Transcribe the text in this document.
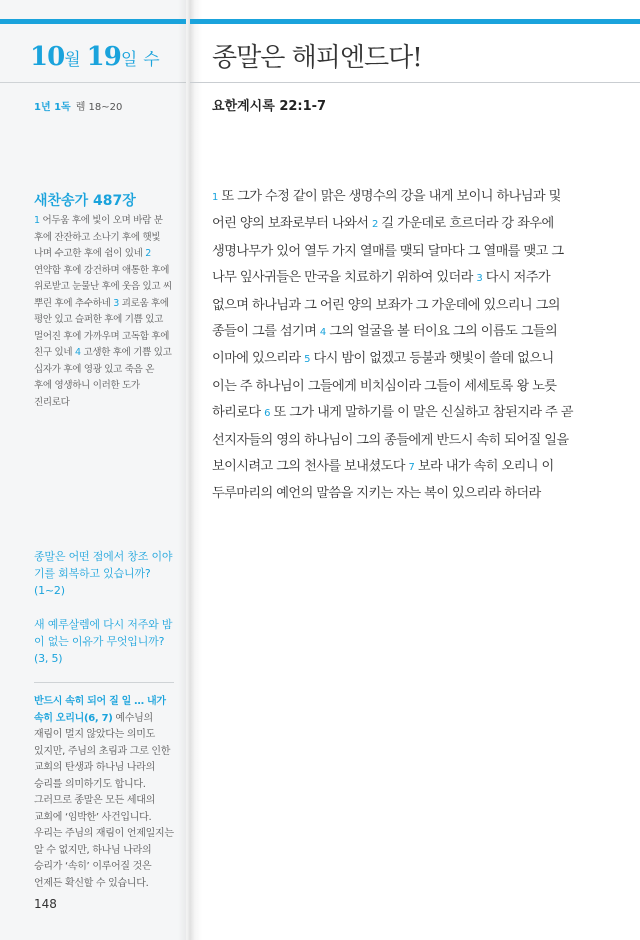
10월 19일 수
1년 1독 렘 18~20
새찬송가 487장
1 어두움 후에 빛이 오며 바람 분 후에 잔잔하고 소나기 후에 햇빛 나며 수고한 후에 쉼이 있네 2 연약함 후에 강건하며 애통한 후에 위로받고 눈물난 후에 웃음 있고 씨 뿌린 후에 추수하네 3 괴로움 후에 평안 있고 슬퍼한 후에 기쁨 있고 멀어진 후에 가까우며 고독함 후에 친구 있네 4 고생한 후에 기쁨 있고 십자가 후에 영광 있고 죽음 온 후에 영생하니 이러한 도가 진리로다
종말은 어떤 점에서 창조 이야기를 회복하고 있습니까? (1~2)
새 예루살렘에 다시 저주와 밤이 없는 이유가 무엇입니까? (3, 5)
반드시 속히 되어 질 일 … 내가 속히 오리니(6, 7) 예수님의 재림이 멀지 않았다는 의미도 있지만, 주님의 초림과 그로 인한 교회의 탄생과 하나님 나라의 승리를 의미하기도 합니다. 그러므로 종말은 모든 세대의 교회에 ‘임박한’ 사건입니다. 우리는 주님의 재림이 언제일지는 알 수 없지만, 하나님 나라의 승리가 ‘속히’ 이루어질 것은 언제든 확신할 수 있습니다.
148
종말은 해피엔드다!
요한계시록 22:1-7
1 또 그가 수정 같이 맑은 생명수의 강을 내게 보이니 하나님과 및 어린 양의 보좌로부터 나와서 2 길 가운데로 흐르더라 강 좌우에 생명나무가 있어 열두 가지 열매를 맺되 달마다 그 열매를 맺고 그 나무 잎사귀들은 만국을 치료하기 위하여 있더라 3 다시 저주가 없으며 하나님과 그 어린 양의 보좌가 그 가운데에 있으리니 그의 종들이 그를 섬기며 4 그의 얼굴을 볼 터이요 그의 이름도 그들의 이마에 있으리라 5 다시 밤이 없겠고 등불과 햇빛이 쓸데 없으니 이는 주 하나님이 그들에게 비치심이라 그들이 세세토록 왕 노릇 하리로다 6 또 그가 내게 말하기를 이 말은 신실하고 참된지라 주 곧 선지자들의 영의 하나님이 그의 종들에게 반드시 속히 되어질 일을 보이시려고 그의 천사를 보내셨도다 7 보라 내가 속히 오리니 이 두루마리의 예언의 말씀을 지키는 자는 복이 있으리라 하더라
